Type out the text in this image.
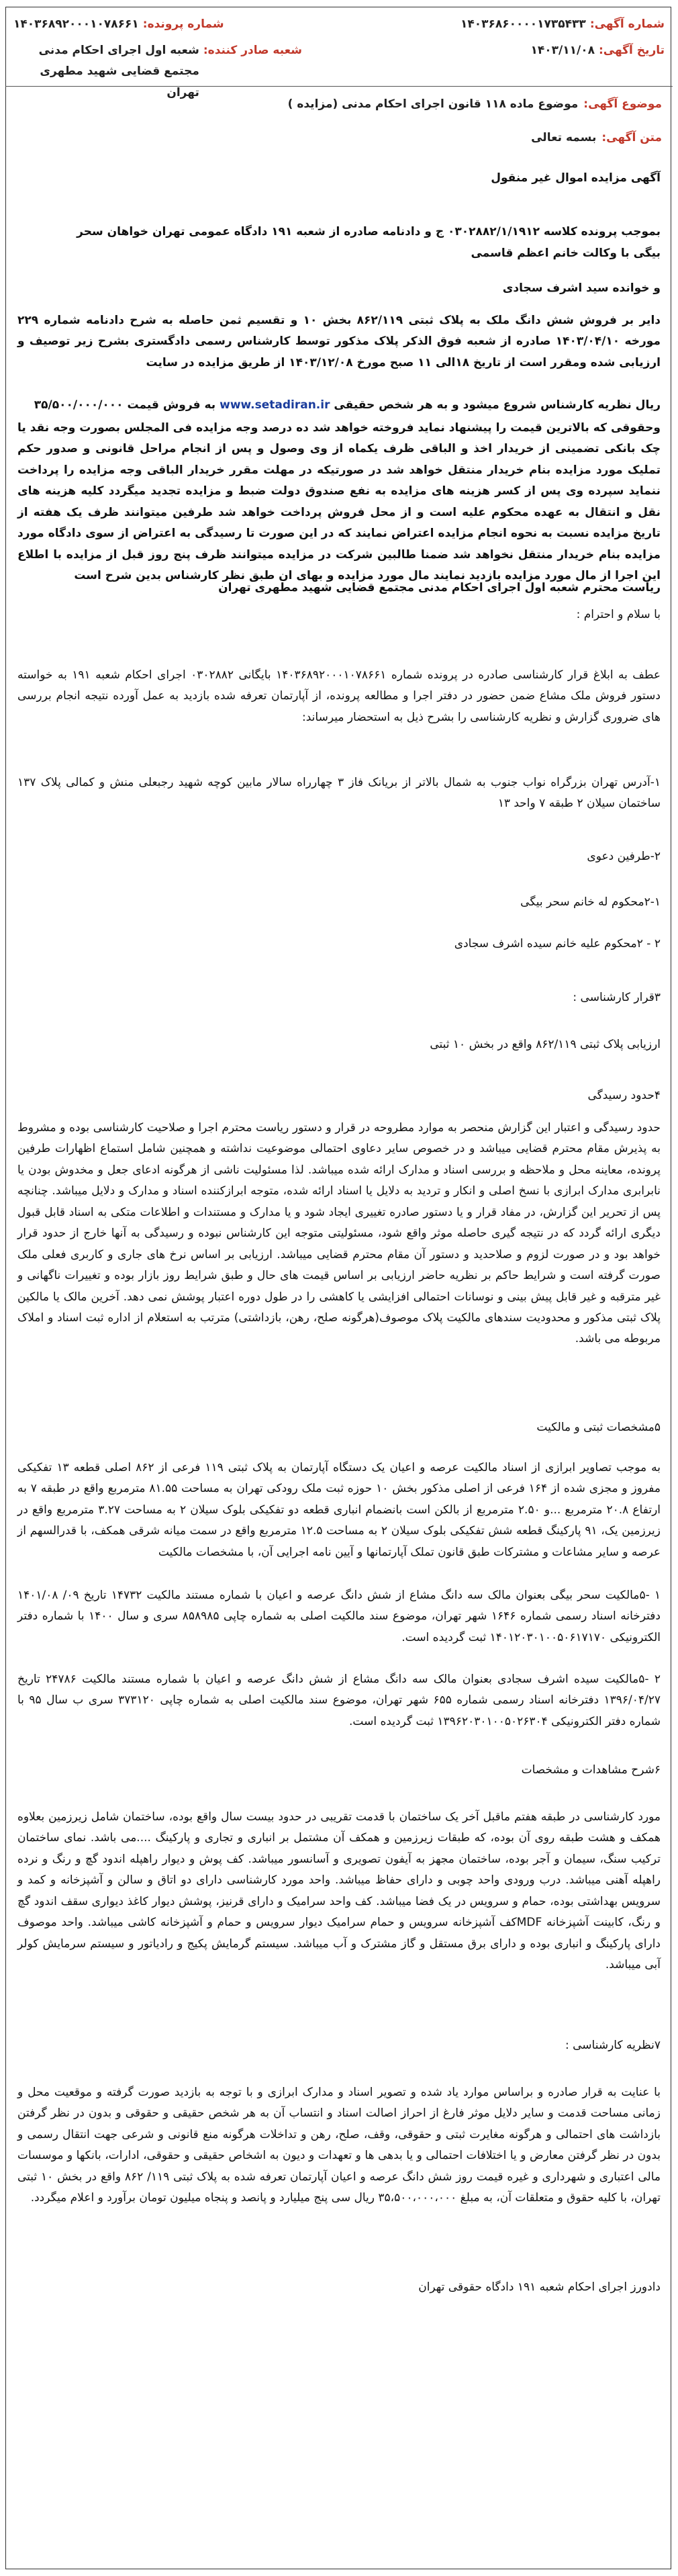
شماره آگهی:
۱۴۰۳۶۸۶۰۰۰۰۱۷۳۵۴۳۳
شماره پرونده:
۱۴۰۳۶۸۹۲۰۰۰۱۰۷۸۶۶۱
تاریخ آگهی:
۱۴۰۳/۱۱/۰۸
شعبه صادر کننده:
شعبه اول اجرای احکام مدنی مجتمع قضایی شهید مطهری تهران
موضوع آگهی:
موضوع ماده ۱۱۸ قانون اجرای احکام مدنی (مزایده )
متن آگهی:
بسمه تعالی
آگهی مزایده اموال غیر منقول
بموجب پرونده کلاسه ۰۳۰۲۸۸۲/۱/۱۹۱۲ ج و دادنامه صادره از شعبه ۱۹۱ دادگاه عمومی تهران خواهان سحر
بیگی با وکالت خانم اعظم قاسمی
و خوانده سید اشرف سجادی
دایر بر فروش شش دانگ ملک به پلاک ثبتی ۸۶۲/۱۱۹ بخش ۱۰ و تقسیم ثمن حاصله به شرح دادنامه شماره ۲۲۹ مورخه ۱۴۰۳/۰۴/۱۰ صادره از شعبه فوق الذکر پلاک مذکور توسط کارشناس رسمی دادگستری بشرح زیر توصیف و ارزیابی شده ومقرر است از تاریخ ۱۸الی ۱۱ صبح مورخ ۱۴۰۳/۱۲/۰۸ از طریق مزایده در سایت
ریال نظریه کارشناس شروع میشود و به هر شخص حقیقی www.setadiran.ir به فروش قیمت ۳۵/۵۰۰/۰۰۰/۰۰۰
وحقوقی که بالاترین قیمت را پیشنهاد نماید فروخته خواهد شد ده درصد وجه مزایده فی المجلس بصورت وجه نقد یا چک بانکی تضمینی از خریدار اخذ و الباقی ظرف یکماه از وی وصول و پس از انجام مراحل قانونی و صدور حکم تملیک مورد مزایده بنام خریدار منتقل خواهد شد در صورتیکه در مهلت مقرر خریدار الباقی وجه مزایده را پرداخت ننماید سپرده وی پس از کسر هزینه های مزایده به نفع صندوق دولت ضبط و مزایده تجدید میگردد کلیه هزینه های نقل و انتقال به عهده محکوم علیه است و از محل فروش پرداخت خواهد شد طرفین میتوانند ظرف یک هفته از تاریخ مزایده نسبت به نحوه انجام مزایده اعتراض نمایند که در این صورت تا رسیدگی به اعتراض از سوی دادگاه مورد مزایده بنام خریدار منتقل نخواهد شد ضمنا طالبین شرکت در مزایده میتوانند ظرف پنج روز قبل از مزایده با اطلاع این اجرا از مال مورد مزایده بازدید نمایند مال مورد مزایده و بهای ان طبق نظر کارشناس بدین شرح است
ریاست محترم شعبه اول اجرای احکام مدنی مجتمع قضایی شهید مطهری تهران
با سلام و احترام :
عطف به ابلاغ قرار کارشناسی صادره در پرونده شماره ۱۴۰۳۶۸۹۲۰۰۰۱۰۷۸۶۶۱ بایگانی ۰۳۰۲۸۸۲ اجرای احکام شعبه ۱۹۱ به خواسته دستور فروش ملک مشاع ضمن حضور در دفتر اجرا و مطالعه پرونده، از آپارتمان تعرفه شده بازدید به عمل آورده نتیجه انجام بررسی های ضروری گزارش و نظریه کارشناسی را بشرح ذیل به استحضار میرساند:
۱-آدرس تهران بزرگراه نواب جنوب به شمال بالاتر از بریانک فاز ۳ چهارراه سالار مابین کوچه شهید رجبعلی منش و کمالی پلاک ۱۳۷ ساختمان سیلان ۲ طبقه ۷ واحد ۱۳
۲-طرفین دعوی
۲-۱محکوم له خانم سحر بیگی
۲ - ۲محکوم علیه خانم سیده اشرف سجادی
۳قرار کارشناسی :
ارزیابی پلاک ثبتی ۸۶۲/۱۱۹ واقع در بخش ۱۰ ثبتی
۴حدود رسیدگی
حدود رسیدگی و اعتبار این گزارش منحصر به موارد مطروحه در قرار و دستور ریاست محترم اجرا و صلاحیت کارشناسی بوده و مشروط به پذیرش مقام محترم قضایی میباشد و در خصوص سایر دعاوی احتمالی موضوعیت نداشته و همچنین شامل استماع اظهارات طرفین پرونده، معاینه محل و ملاحظه و بررسی اسناد و مدارک ارائه شده میباشد. لذا مسئولیت ناشی از هرگونه ادعای جعل و مخدوش بودن یا نابرابری مدارک ابرازی با نسخ اصلی و انکار و تردید به دلایل یا اسناد ارائه شده، متوجه ابرازکننده اسناد و مدارک و دلایل میباشد. چنانچه پس از تحریر این گزارش، در مفاد قرار و یا دستور صادره تغییری ایجاد شود و یا مدارک و مستندات و اطلاعات متکی به اسناد قابل قبول دیگری ارائه گردد که در نتیجه گیری حاصله موثر واقع شود، مسئولیتی متوجه این کارشناس نبوده و رسیدگی به آنها خارج از حدود قرار خواهد بود و در صورت لزوم و صلاحدید و دستور آن مقام محترم قضایی میباشد. ارزیابی بر اساس نرخ های جاری و کاربری فعلی ملک صورت گرفته است و شرایط حاکم بر نظریه حاضر ارزیابی بر اساس قیمت های حال و طبق شرایط روز بازار بوده و تغییرات ناگهانی و غیر مترقبه و غیر قابل پیش بینی و نوسانات احتمالی افزایشی یا کاهشی را در طول دوره اعتبار پوشش نمی دهد. آخرین مالک یا مالکین پلاک ثبتی مذکور و محدودیت سندهای مالکیت پلاک موصوف(هرگونه صلح، رهن، بازداشتی) مترتب به استعلام از اداره ثبت اسناد و املاک مربوطه می باشد.
۵مشخصات ثبتی و مالکیت
به موجب تصاویر ابرازی از اسناد مالکیت عرصه و اعیان یک دستگاه آپارتمان به پلاک ثبتی ۱۱۹ فرعی از ۸۶۲ اصلی قطعه ۱۳ تفکیکی مفروز و مجزی شده از ۱۶۴ فرعی از اصلی مذکور بخش ۱۰ حوزه ثبت ملک رودکی تهران به مساحت ۸۱.۵۵ مترمربع واقع در طبقه ۷ به ارتفاع ۲۰.۸ مترمربع ...و ۲.۵۰ مترمربع از بالکن است بانضمام انباری قطعه دو تفکیکی بلوک سیلان ۲ به مساحت ۳.۲۷ مترمربع واقع در زیرزمین یک، ۹۱ پارکینگ قطعه شش تفکیکی بلوک سیلان ۲ به مساحت ۱۲.۵ مترمربع واقع در سمت میانه شرقی همکف، با قدرالسهم از عرصه و سایر مشاعات و مشترکات طبق قانون تملک آپارتمانها و آیین نامه اجرایی آن، با مشخصات مالکیت
۱ -۵مالکیت سحر بیگی بعنوان مالک سه دانگ مشاع از شش دانگ عرصه و اعیان با شماره مستند مالکیت ۱۴۷۳۲ تاریخ ۰۹/ ۱۴۰۱/۰۸ دفترخانه اسناد رسمی شماره ۱۶۴۶ شهر تهران، موضوع سند مالکیت اصلی به شماره چاپی ۸۵۸۹۸۵ سری و سال ۱۴۰۰ با شماره دفتر الکترونیکی ۱۴۰۱۲۰۳۰۱۰۰۵۰۶۱۷۱۷۰ ثبت گردیده است.
۲ -۵مالکیت سیده اشرف سجادی بعنوان مالک سه دانگ مشاع از شش دانگ عرصه و اعیان با شماره مستند مالکیت ۲۴۷۸۶ تاریخ ۱۳۹۶/۰۴/۲۷ دفترخانه اسناد رسمی شماره ۶۵۵ شهر تهران، موضوع سند مالکیت اصلی به شماره چاپی ۳۷۳۱۲۰ سری ب سال ۹۵ با شماره دفتر الکترونیکی ۱۳۹۶۲۰۳۰۱۰۰۵۰۲۶۳۰۴ ثبت گردیده است.
۶شرح مشاهدات و مشخصات
مورد کارشناسی در طبقه هفتم ماقبل آخر یک ساختمان با قدمت تقریبی در حدود بیست سال واقع بوده، ساختمان شامل زیرزمین بعلاوه همکف و هشت طبقه روی آن بوده، که طبقات زیرزمین و همکف آن مشتمل بر انباری و تجاری و پارکینگ ....می باشد. نمای ساختمان ترکیب سنگ، سیمان و آجر بوده، ساختمان مجهز به آیفون تصویری و آسانسور میباشد. کف پوش و دیوار راهپله اندود گچ و رنگ و نرده راهپله آهنی میباشد. درب ورودی واحد چوبی و دارای حفاظ میباشد. واحد مورد کارشناسی دارای دو اتاق و سالن و آشپزخانه و کمد و سرویس بهداشتی بوده، حمام و سرویس در یک فضا میباشد. کف واحد سرامیک و دارای قرنیز، پوشش دیوار کاغذ دیواری سقف اندود گچ و رنگ، کابینت آشپزخانه MDFکف آشپزخانه سرویس و حمام سرامیک دیوار سرویس و حمام و آشپزخانه کاشی میباشد. واحد موصوف دارای پارکینگ و انباری بوده و دارای برق مستقل و گاز مشترک و آب میباشد. سیستم گرمایش پکیج و رادیاتور و سیستم سرمایش کولر آبی میباشد.
۷نظریه کارشناسی :
با عنایت به قرار صادره و براساس موارد یاد شده و تصویر اسناد و مدارک ابرازی و با توجه به بازدید صورت گرفته و موقعیت محل و زمانی مساحت قدمت و سایر دلایل موثر فارغ از احراز اصالت اسناد و انتساب آن به هر شخص حقیقی و حقوقی و بدون در نظر گرفتن بازداشت های احتمالی و هرگونه مغایرت ثبتی و حقوقی، وقف، صلح، رهن و تداخلات هرگونه منع قانونی و شرعی جهت انتقال رسمی و بدون در نظر گرفتن معارض و یا اختلافات احتمالی و یا بدهی ها و تعهدات و دیون به اشخاص حقیقی و حقوقی، ادارات، بانکها و موسسات مالی اعتباری و شهرداری و غیره قیمت روز شش دانگ عرصه و اعیان آپارتمان تعرفه شده به پلاک ثبتی ۱۱۹/ ۸۶۲ واقع در بخش ۱۰ ثبتی تهران، با کلیه حقوق و متعلقات آن، به مبلغ ۳۵،۵۰۰،۰۰۰،۰۰۰ ریال سی پنج میلیارد و پانصد و پنجاه میلیون تومان برآورد و اعلام میگردد.
دادورز اجرای احکام شعبه ۱۹۱ دادگاه حقوقی تهران
